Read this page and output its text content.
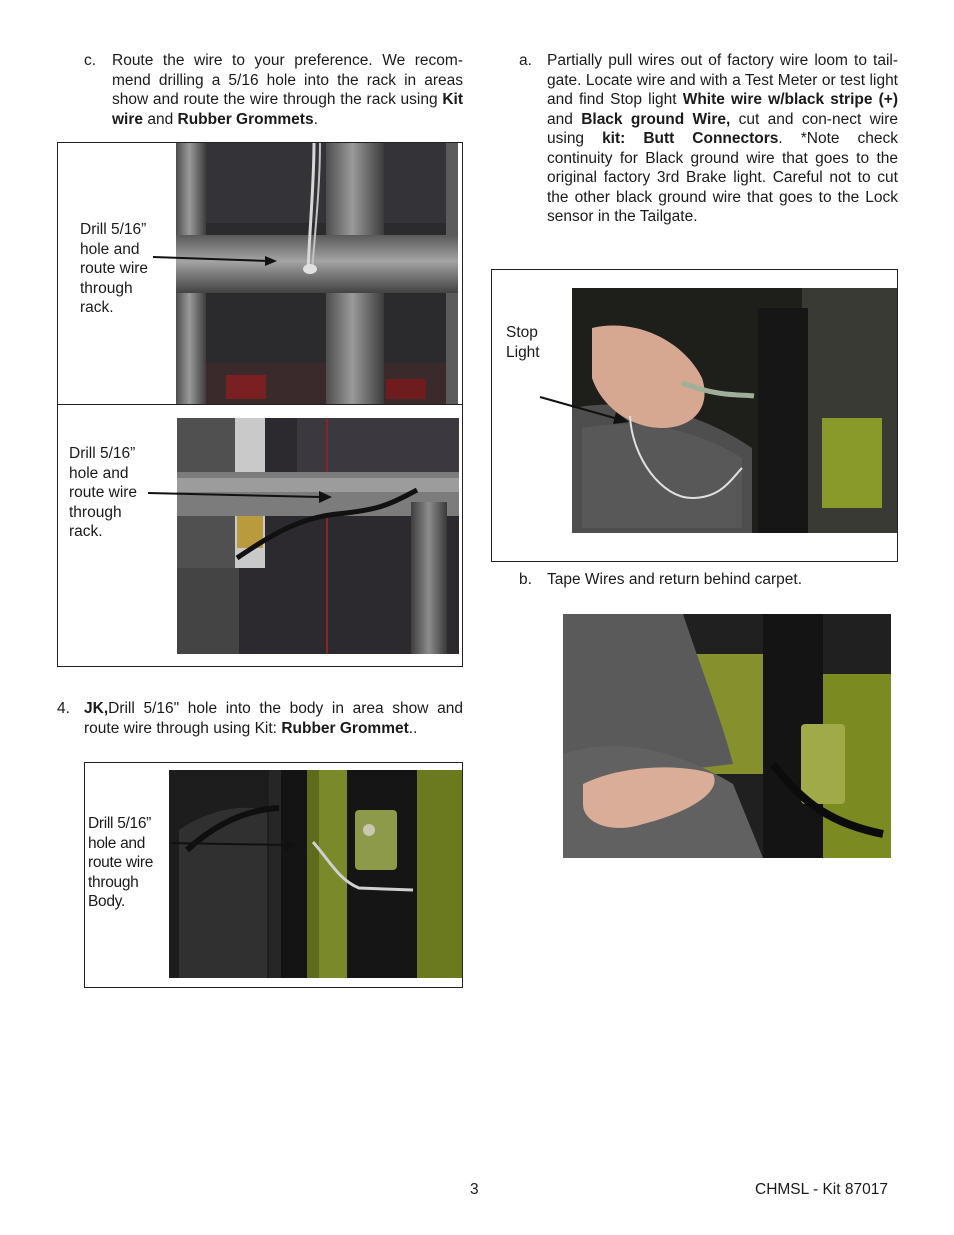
c. Route the wire to your preference. We recom-mend drilling a 5/16 hole into the rack in areas show and route the wire through the rack using Kit wire and Rubber Grommets.
Drill 5/16”
hole and
route wire
through
rack.
Drill 5/16”
hole and
route wire
through
rack.
4. JK,Drill 5/16" hole into the body in area show and route wire through using Kit: Rubber Grommet..
Drill 5/16”
hole and
route wire
through
Body.
a. Partially pull wires out of factory wire loom to tail-gate. Locate wire and with a Test Meter or test light and find Stop light White wire w/black stripe (+) and Black ground Wire, cut and con-nect wire using kit: Butt Connectors. *Note check continuity for Black ground wire that goes to the original factory 3rd Brake light. Careful not to cut the other black ground wire that goes to the Lock sensor in the Tailgate.
Stop
Light
b. Tape Wires and return behind carpet.
3	CHMSL - Kit 87017
